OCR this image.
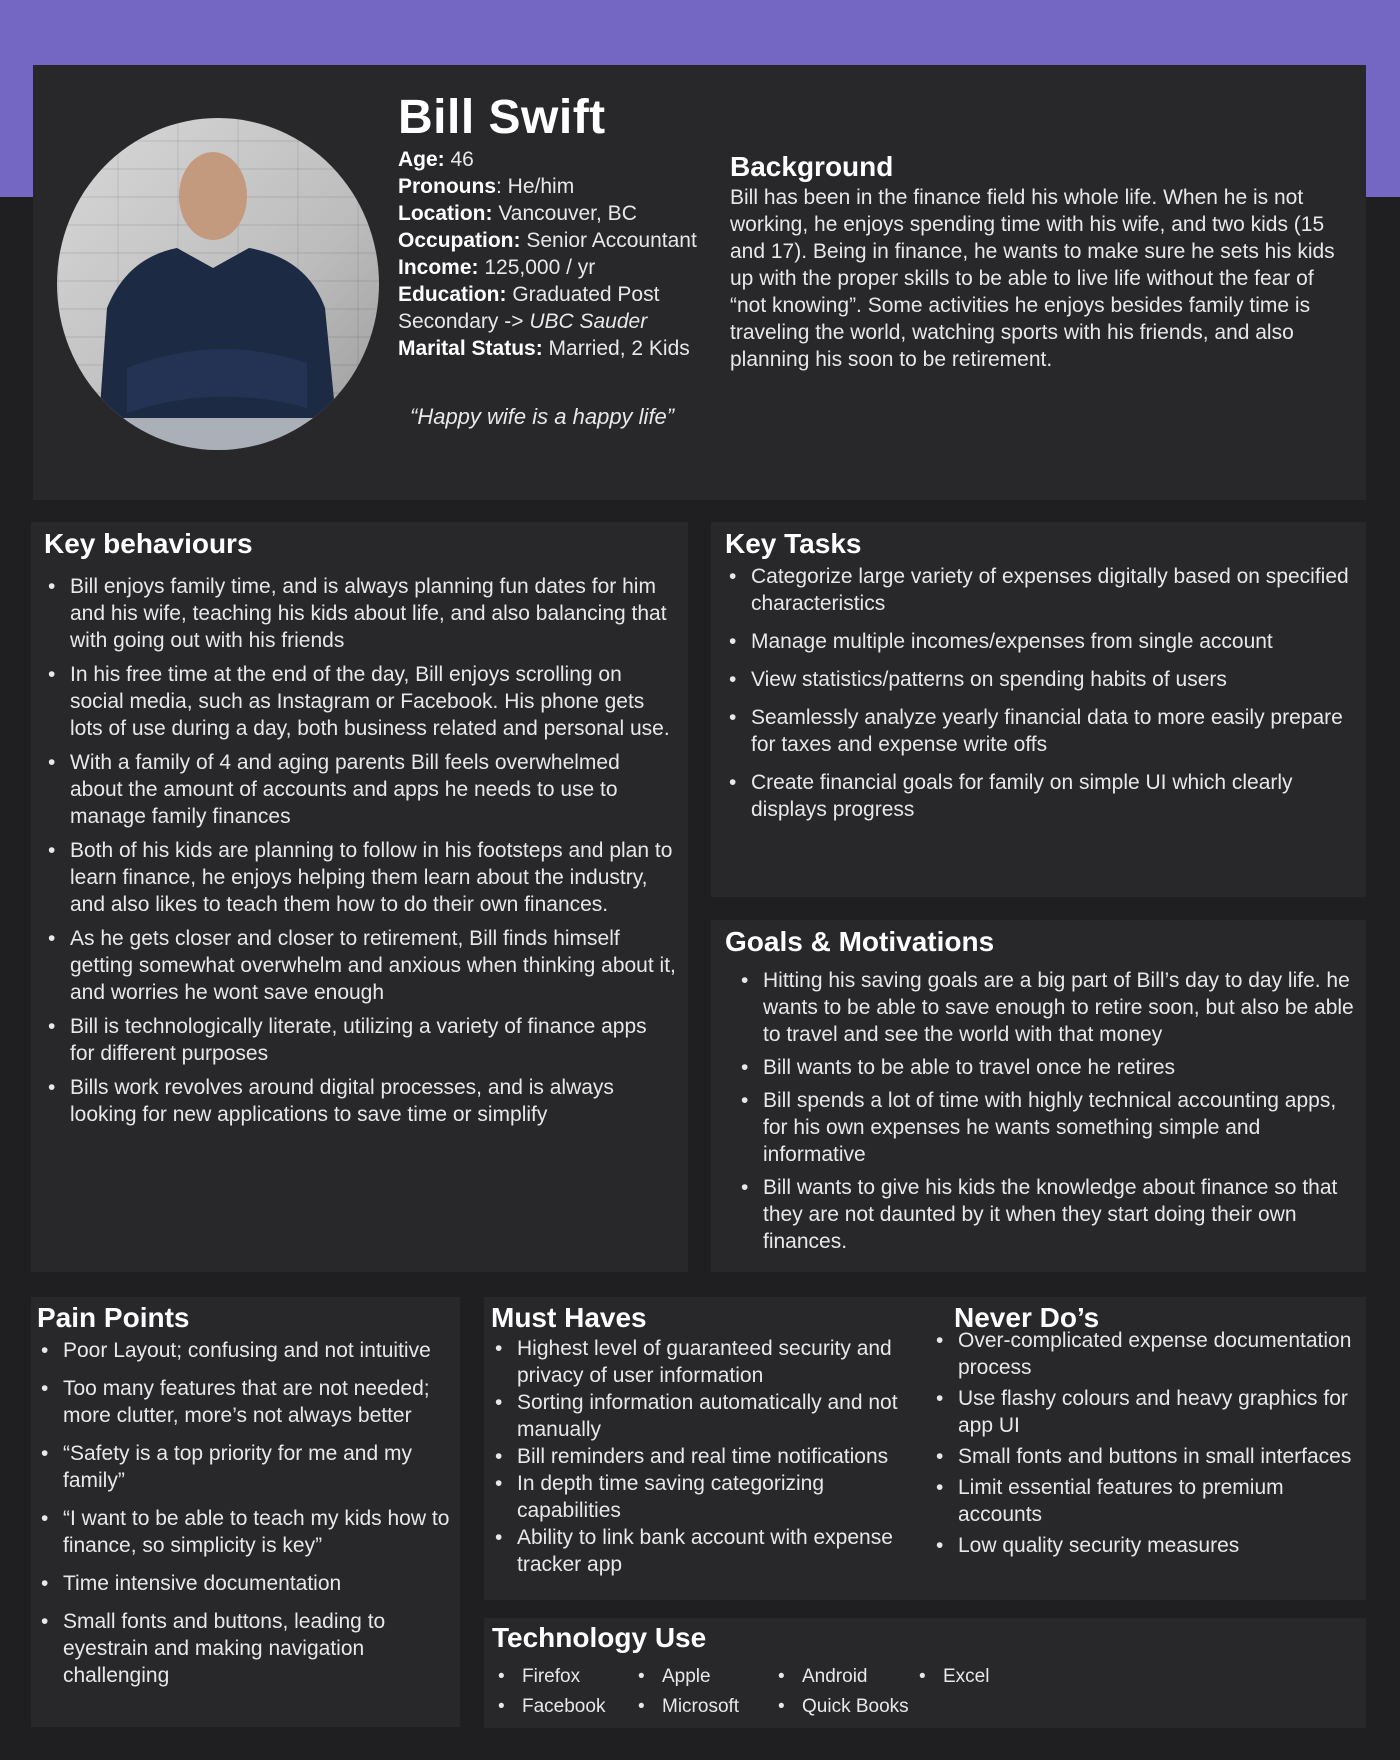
Bill Swift
Age: 46
Pronouns: He/him
Location: Vancouver, BC
Occupation: Senior Accountant
Income: 125,000 / yr
Education: Graduated Post
Secondary -> UBC Sauder
Marital Status: Married, 2 Kids
“Happy wife is a happy life”
Background
Bill has been in the finance field his whole life. When he is not working, he enjoys spending time with his wife, and two kids (15 and 17). Being in finance, he wants to make sure he sets his kids up with the proper skills to be able to live life without the fear of “not knowing”. Some activities he enjoys besides family time is traveling the world, watching sports with his friends, and also planning his soon to be retirement.
Key behaviours
• Bill enjoys family time, and is always planning fun dates for him and his wife, teaching his kids about life, and also balancing that with going out with his friends
• In his free time at the end of the day, Bill enjoys scrolling on social media, such as Instagram or Facebook. His phone gets lots of use during a day, both business related and personal use.
• With a family of 4 and aging parents Bill feels overwhelmed about the amount of accounts and apps he needs to use to manage family finances
• Both of his kids are planning to follow in his footsteps and plan to learn finance, he enjoys helping them learn about the industry, and also likes to teach them how to do their own finances.
• As he gets closer and closer to retirement, Bill finds himself getting somewhat overwhelm and anxious when thinking about it, and worries he wont save enough
• Bill is technologically literate, utilizing a variety of finance apps for different purposes
• Bills work revolves around digital processes, and is always looking for new applications to save time or simplify
Key Tasks
• Categorize large variety of expenses digitally based on specified characteristics
• Manage multiple incomes/expenses from single account
• View statistics/patterns on spending habits of users
• Seamlessly analyze yearly financial data to more easily prepare for taxes and expense write offs
• Create financial goals for family on simple UI which clearly displays progress
Goals & Motivations
• Hitting his saving goals are a big part of Bill’s day to day life. he wants to be able to save enough to retire soon, but also be able to travel and see the world with that money
• Bill wants to be able to travel once he retires
• Bill spends a lot of time with highly technical accounting apps, for his own expenses he wants something simple and informative
• Bill wants to give his kids the knowledge about finance so that they are not daunted by it when they start doing their own finances.
Pain Points
• Poor Layout; confusing and not intuitive
• Too many features that are not needed; more clutter, more’s not always better
• “Safety is a top priority for me and my family”
• “I want to be able to teach my kids how to finance, so simplicity is key”
• Time intensive documentation
• Small fonts and buttons, leading to eyestrain and making navigation challenging
Must Haves
• Highest level of guaranteed security and privacy of user information
• Sorting information automatically and not manually
• Bill reminders and real time notifications
• In depth time saving categorizing capabilities
• Ability to link bank account with expense tracker app
Never Do’s
• Over-complicated expense documentation process
• Use flashy colours and heavy graphics for app UI
• Small fonts and buttons in small interfaces
• Limit essential features to premium accounts
• Low quality security measures
Technology Use
• Firefox	• Apple	• Android	• Excel
• Facebook	• Microsoft	• Quick Books
